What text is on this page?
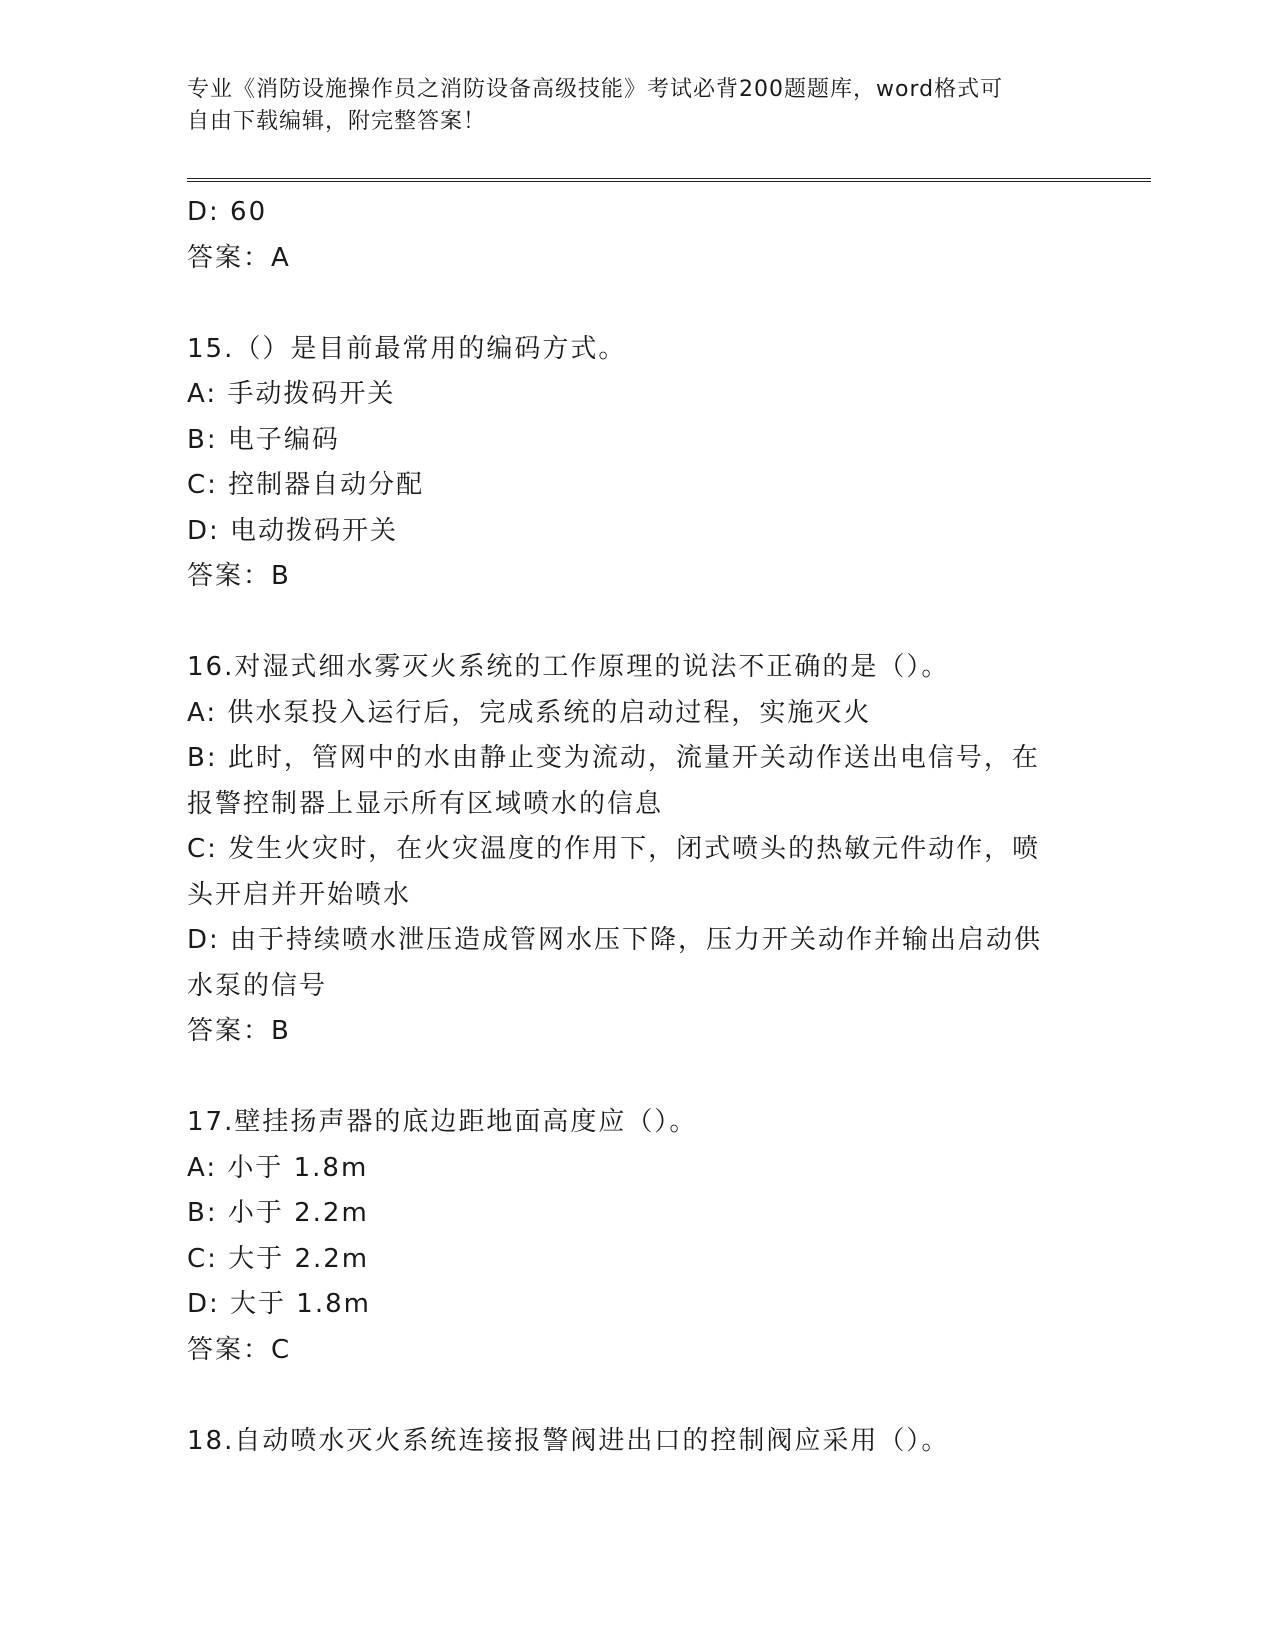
专业《消防设施操作员之消防设备高级技能》考试必背200题题库，word格式可
自由下载编辑，附完整答案！
D: 60
答案：A
15.（）是目前最常用的编码方式。
A: 手动拨码开关
B: 电子编码
C: 控制器自动分配
D: 电动拨码开关
答案：B
16.对湿式细水雾灭火系统的工作原理的说法不正确的是（）。
A: 供水泵投入运行后，完成系统的启动过程，实施灭火
B: 此时，管网中的水由静止变为流动，流量开关动作送出电信号，在
报警控制器上显示所有区域喷水的信息
C: 发生火灾时，在火灾温度的作用下，闭式喷头的热敏元件动作，喷
头开启并开始喷水
D: 由于持续喷水泄压造成管网水压下降，压力开关动作并输出启动供
水泵的信号
答案：B
17.壁挂扬声器的底边距地面高度应（）。
A: 小于 1.8m
B: 小于 2.2m
C: 大于 2.2m
D: 大于 1.8m
答案：C
18.自动喷水灭火系统连接报警阀进出口的控制阀应采用（）。
